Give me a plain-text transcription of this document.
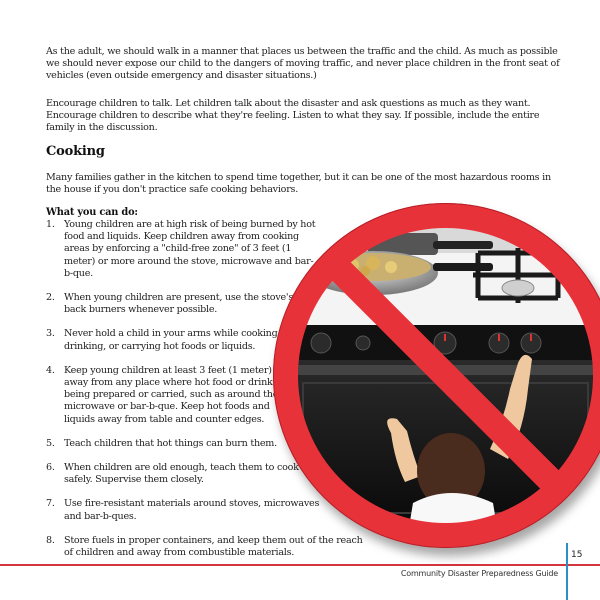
As the adult, we should walk in a manner that places us between the traffic and the child. As much as possible we should never expose our child to the dangers of moving traffic, and never place children in the front seat of vehicles (even outside emergency and disaster situations.)

Encourage children to talk. Let children talk about the disaster and ask questions as much as they want. Encourage children to describe what they're feeling. Listen to what they say. If possible, include the entire family in the discussion.

Cooking

Many families gather in the kitchen to spend time together, but it can be one of the most hazardous rooms in the house if you don't practice safe cooking behaviors.

What you can do:
1. Young children are at high risk of being burned by hot food and liquids. Keep children away from cooking areas by enforcing a "child-free zone" of 3 feet (1 meter) or more around the stove, microwave and bar-b-que.
2. When young children are present, use the stove's back burners whenever possible.
3. Never hold a child in your arms while cooking, drinking, or carrying hot foods or liquids.
4. Keep young children at least 3 feet (1 meter) away from any place where hot food or drink is being prepared or carried, such as around the microwave or bar-b-que. Keep hot foods and liquids away from table and counter edges.
5. Teach children that hot things can burn them.
6. When children are old enough, teach them to cook safely. Supervise them closely.
7. Use fire-resistant materials around stoves, microwaves and bar-b-ques.
8. Store fuels in proper containers, and keep them out of the reach of children and away from combustible materials.	15
Community Disaster Preparedness Guide
